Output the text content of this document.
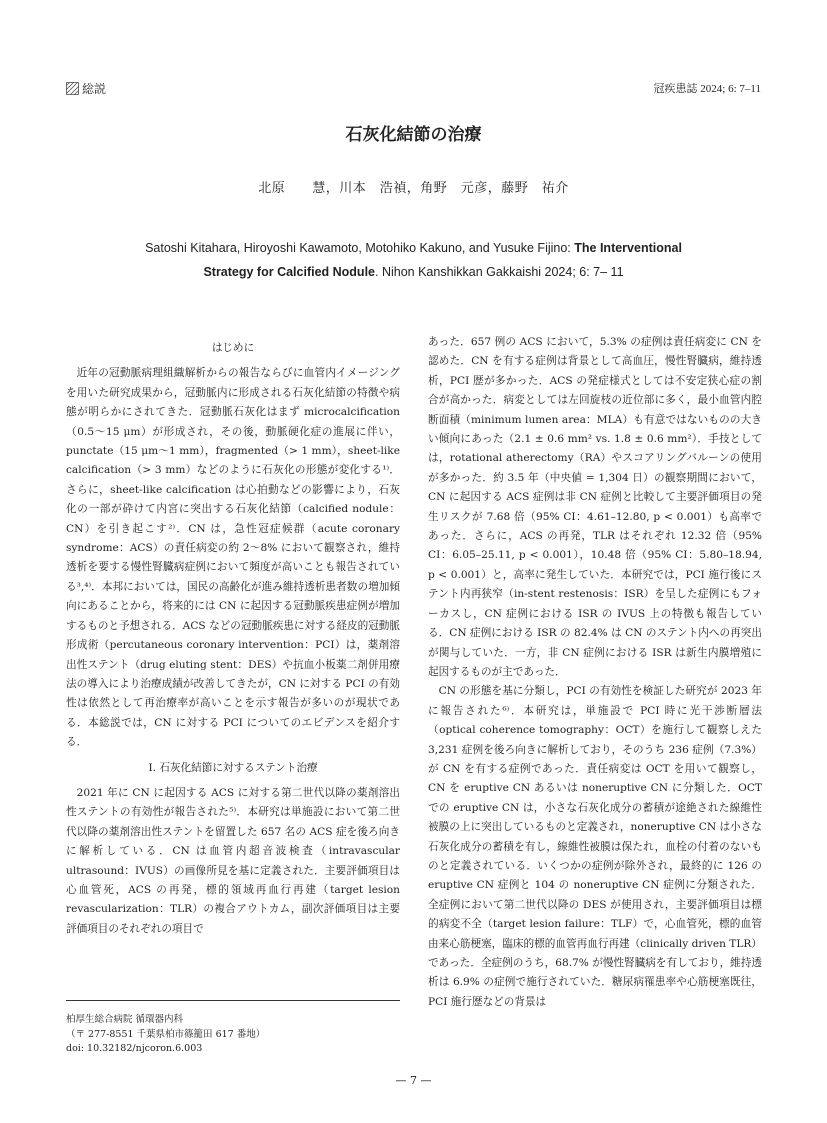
総説	冠疾患誌 2024; 6: 7–11
石灰化結節の治療
北原　　慧，川本　浩禎，角野　元彦，藤野　祐介
Satoshi Kitahara, Hiroyoshi Kawamoto, Motohiko Kakuno, and Yusuke Fijino: The Interventional
Strategy for Calcified Nodule. Nihon Kanshikkan Gakkaishi 2024; 6: 7– 11

はじめに

近年の冠動脈病理組織解析からの報告ならびに血管内イメージングを用いた研究成果から，冠動脈内に形成される石灰化結節の特徴や病態が明らかにされてきた．冠動脈石灰化はまず microcalcification（0.5〜15 μm）が形成され，その後，動脈硬化症の進展に伴い，punctate（15 μm〜1 mm），fragmented（> 1 mm），sheet-like calcification（> 3 mm）などのように石灰化の形態が変化する¹⁾．さらに，sheet-like calcification は心拍動などの影響により，石灰化の一部が砕けて内宮に突出する石灰化結節（calcified nodule：CN）を引き起こす²⁾．CN は，急性冠症候群（acute coronary syndrome：ACS）の責任病変の約 2〜8% において観察され，維持透析を要する慢性腎臓病症例において頻度が高いことも報告されている³,⁴⁾．本邦においては，国民の高齢化が進み維持透析患者数の増加傾向にあることから，将来的には CN に起因する冠動脈疾患症例が増加するものと予想される．ACS などの冠動脈疾患に対する経皮的冠動脈形成術（percutaneous coronary intervention：PCI）は，薬剤溶出性ステント（drug eluting stent：DES）や抗血小板薬二剤併用療法の導入により治療成績が改善してきたが，CN に対する PCI の有効性は依然として再治療率が高いことを示す報告が多いのが現状である．本総説では，CN に対する PCI についてのエビデンスを紹介する．

I. 石灰化結節に対するステント治療

2021 年に CN に起因する ACS に対する第二世代以降の薬剤溶出性ステントの有効性が報告された⁵⁾．本研究は単施設において第二世代以降の薬剤溶出性ステントを留置した 657 名の ACS 症を後ろ向きに解析している．CN は血管内超音波検査（intravascular ultrasound：IVUS）の画像所見を基に定義された．主要評価項目は心血管死，ACS の再発，標的領域再血行再建（target lesion revascularization：TLR）の複合アウトカム，副次評価項目は主要評価項目のそれぞれの項目で

あった．657 例の ACS において，5.3% の症例は責任病変に CN を認めた．CN を有する症例は背景として高血圧，慢性腎臓病，維持透析，PCI 歴が多かった．ACS の発症様式としては不安定狭心症の割合が高かった．病変としては左回旋枝の近位部に多く，最小血管内腔断面積（minimum lumen area：MLA）も有意ではないものの大きい傾向にあった（2.1 ± 0.6 mm² vs. 1.8 ± 0.6 mm²）．手技としては，rotational atherectomy（RA）やスコアリングバルーンの使用が多かった．約 3.5 年（中央値 = 1,304 日）の観察期間において，CN に起因する ACS 症例は非 CN 症例と比較して主要評価項目の発生リスクが 7.68 倍（95% CI：4.61–12.80, p < 0.001）も高率であった．さらに，ACS の再発，TLR はそれぞれ 12.32 倍（95% CI：6.05–25.11, p < 0.001），10.48 倍（95% CI：5.80–18.94, p < 0.001）と，高率に発生していた．本研究では，PCI 施行後にステント内再狭窄（in-stent restenosis：ISR）を呈した症例にもフォーカスし，CN 症例における ISR の IVUS 上の特徴も報告している．CN 症例における ISR の 82.4% は CN のステント内への再突出が関与していた．一方，非 CN 症例における ISR は新生内膜増殖に起因するものが主であった．

CN の形態を基に分類し，PCI の有効性を検証した研究が 2023 年に報告された⁶⁾．本研究は，単施設で PCI 時に光干渉断層法（optical coherence tomography：OCT）を施行して観察しえた 3,231 症例を後ろ向きに解析しており，そのうち 236 症例（7.3%）が CN を有する症例であった．責任病変は OCT を用いて観察し，CN を eruptive CN あるいは noneruptive CN に分類した．OCT での eruptive CN は，小さな石灰化成分の蓄積が途絶された線維性被膜の上に突出しているものと定義され，noneruptive CN は小さな石灰化成分の蓄積を有し，線維性被膜は保たれ，血栓の付着のないものと定義されている．いくつかの症例が除外され，最終的に 126 の eruptive CN 症例と 104 の noneruptive CN 症例に分類された．全症例において第二世代以降の DES が使用され，主要評価項目は標的病変不全（target lesion failure：TLF）で，心血管死，標的血管由来心筋梗塞，臨床的標的血管再血行再建（clinically driven TLR）であった．全症例のうち，68.7% が慢性腎臓病を有しており，維持透析は 6.9% の症例で施行されていた．糖尿病罹患率や心筋梗塞既往，PCI 施行歴などの背景は

柏厚生総合病院 循環器内科
（〒 277-8551 千葉県柏市篠籠田 617 番地）
doi: 10.32182/njcoron.6.003
— 7 —
